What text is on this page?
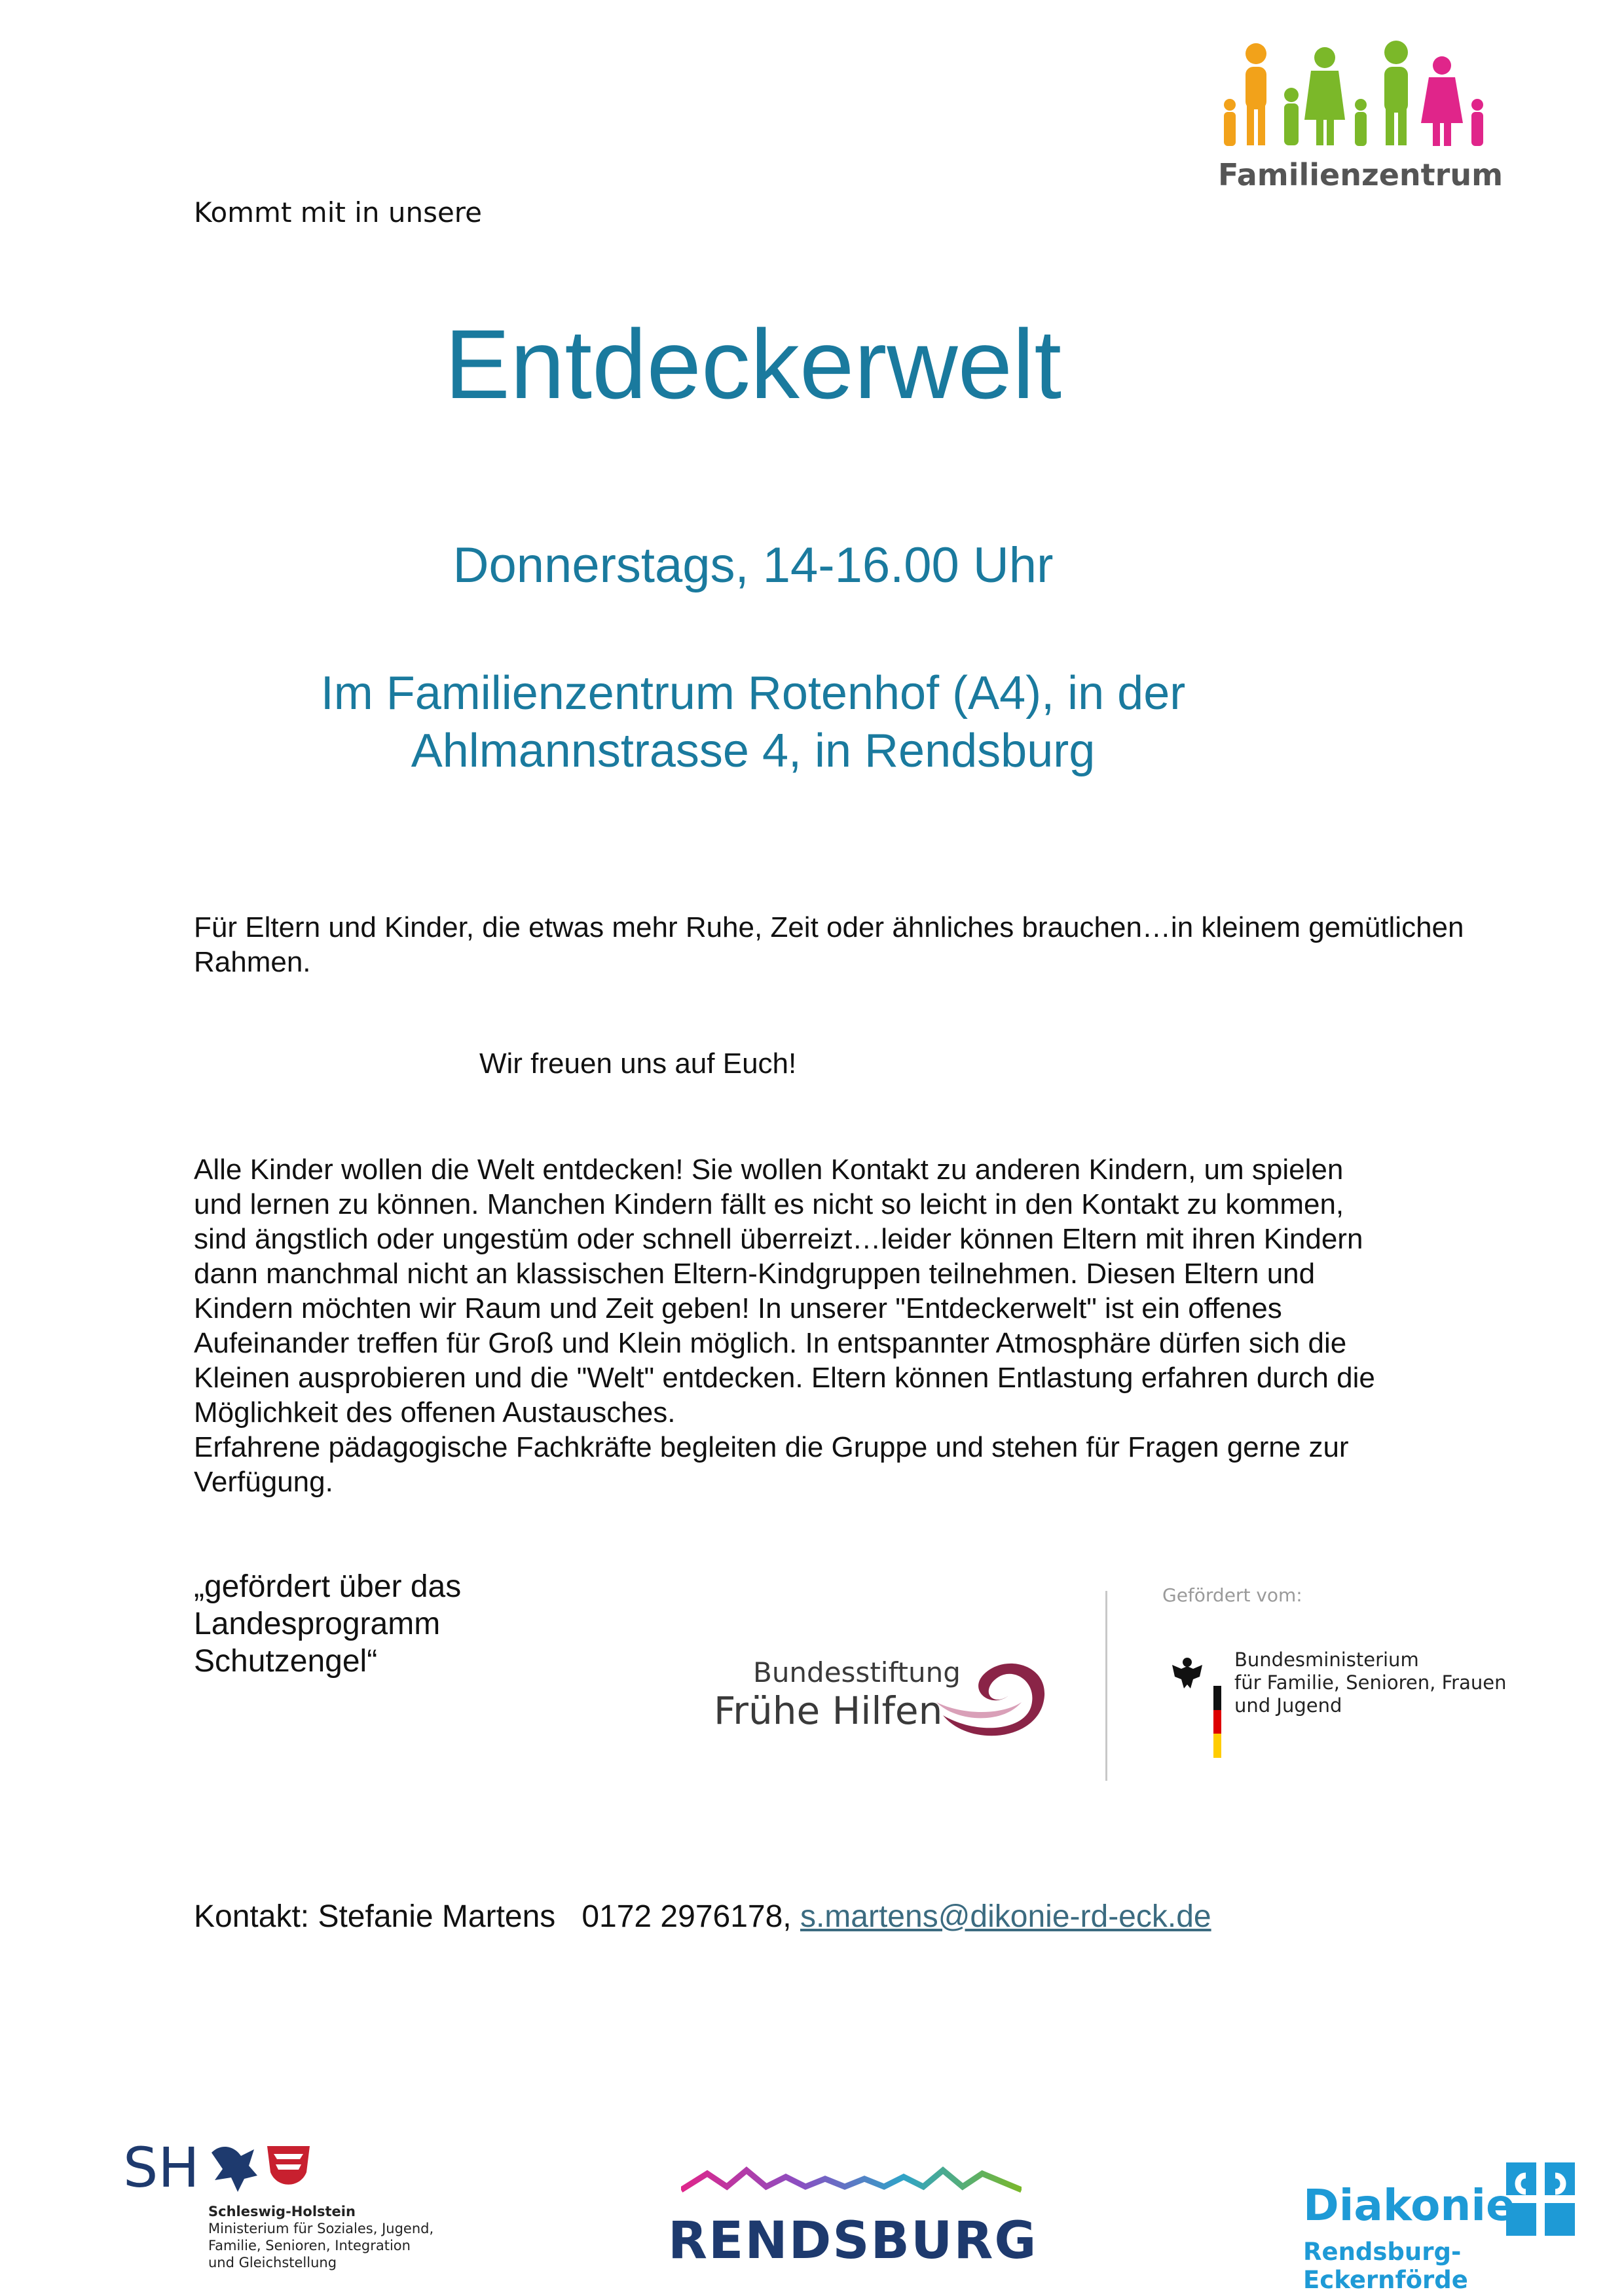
Familienzentrum
Kommt mit in unsere
Entdeckerwelt
Donnerstags, 14-16.00 Uhr
Im Familienzentrum Rotenhof (A4), in der
Ahlmannstrasse 4, in Rendsburg
Für Eltern und Kinder, die etwas mehr Ruhe, Zeit oder ähnliches brauchen…in kleinem gemütlichen Rahmen.
Wir freuen uns auf Euch!
Alle Kinder wollen die Welt entdecken! Sie wollen Kontakt zu anderen Kindern, um spielen
und lernen zu können. Manchen Kindern fällt es nicht so leicht in den Kontakt zu kommen,
sind ängstlich oder ungestüm oder schnell überreizt…leider können Eltern mit ihren Kindern
dann manchmal nicht an klassischen Eltern-Kindgruppen teilnehmen. Diesen Eltern und
Kindern möchten wir Raum und Zeit geben! In unserer "Entdeckerwelt" ist ein offenes
Aufeinander treffen für Groß und Klein möglich. In entspannter Atmosphäre dürfen sich die
Kleinen ausprobieren und die "Welt" entdecken. Eltern können Entlastung erfahren durch die
Möglichkeit des offenen Austausches.
Erfahrene pädagogische Fachkräfte begleiten die Gruppe und stehen für Fragen gerne zur
Verfügung.
„gefördert über das
Landesprogramm
Schutzengel“	Bundesstiftung
Frühe Hilfen
Gefördert vom:
Bundesministerium
für Familie, Senioren, Frauen
und Jugend
Kontakt: Stefanie Martens   0172 2976178, s.martens@dikonie-rd-eck.de
SH
Schleswig-Holstein
Ministerium für Soziales, Jugend,
Familie, Senioren, Integration
und Gleichstellung	RENDSBURG
Diakonie
Rendsburg-Eckernförde
